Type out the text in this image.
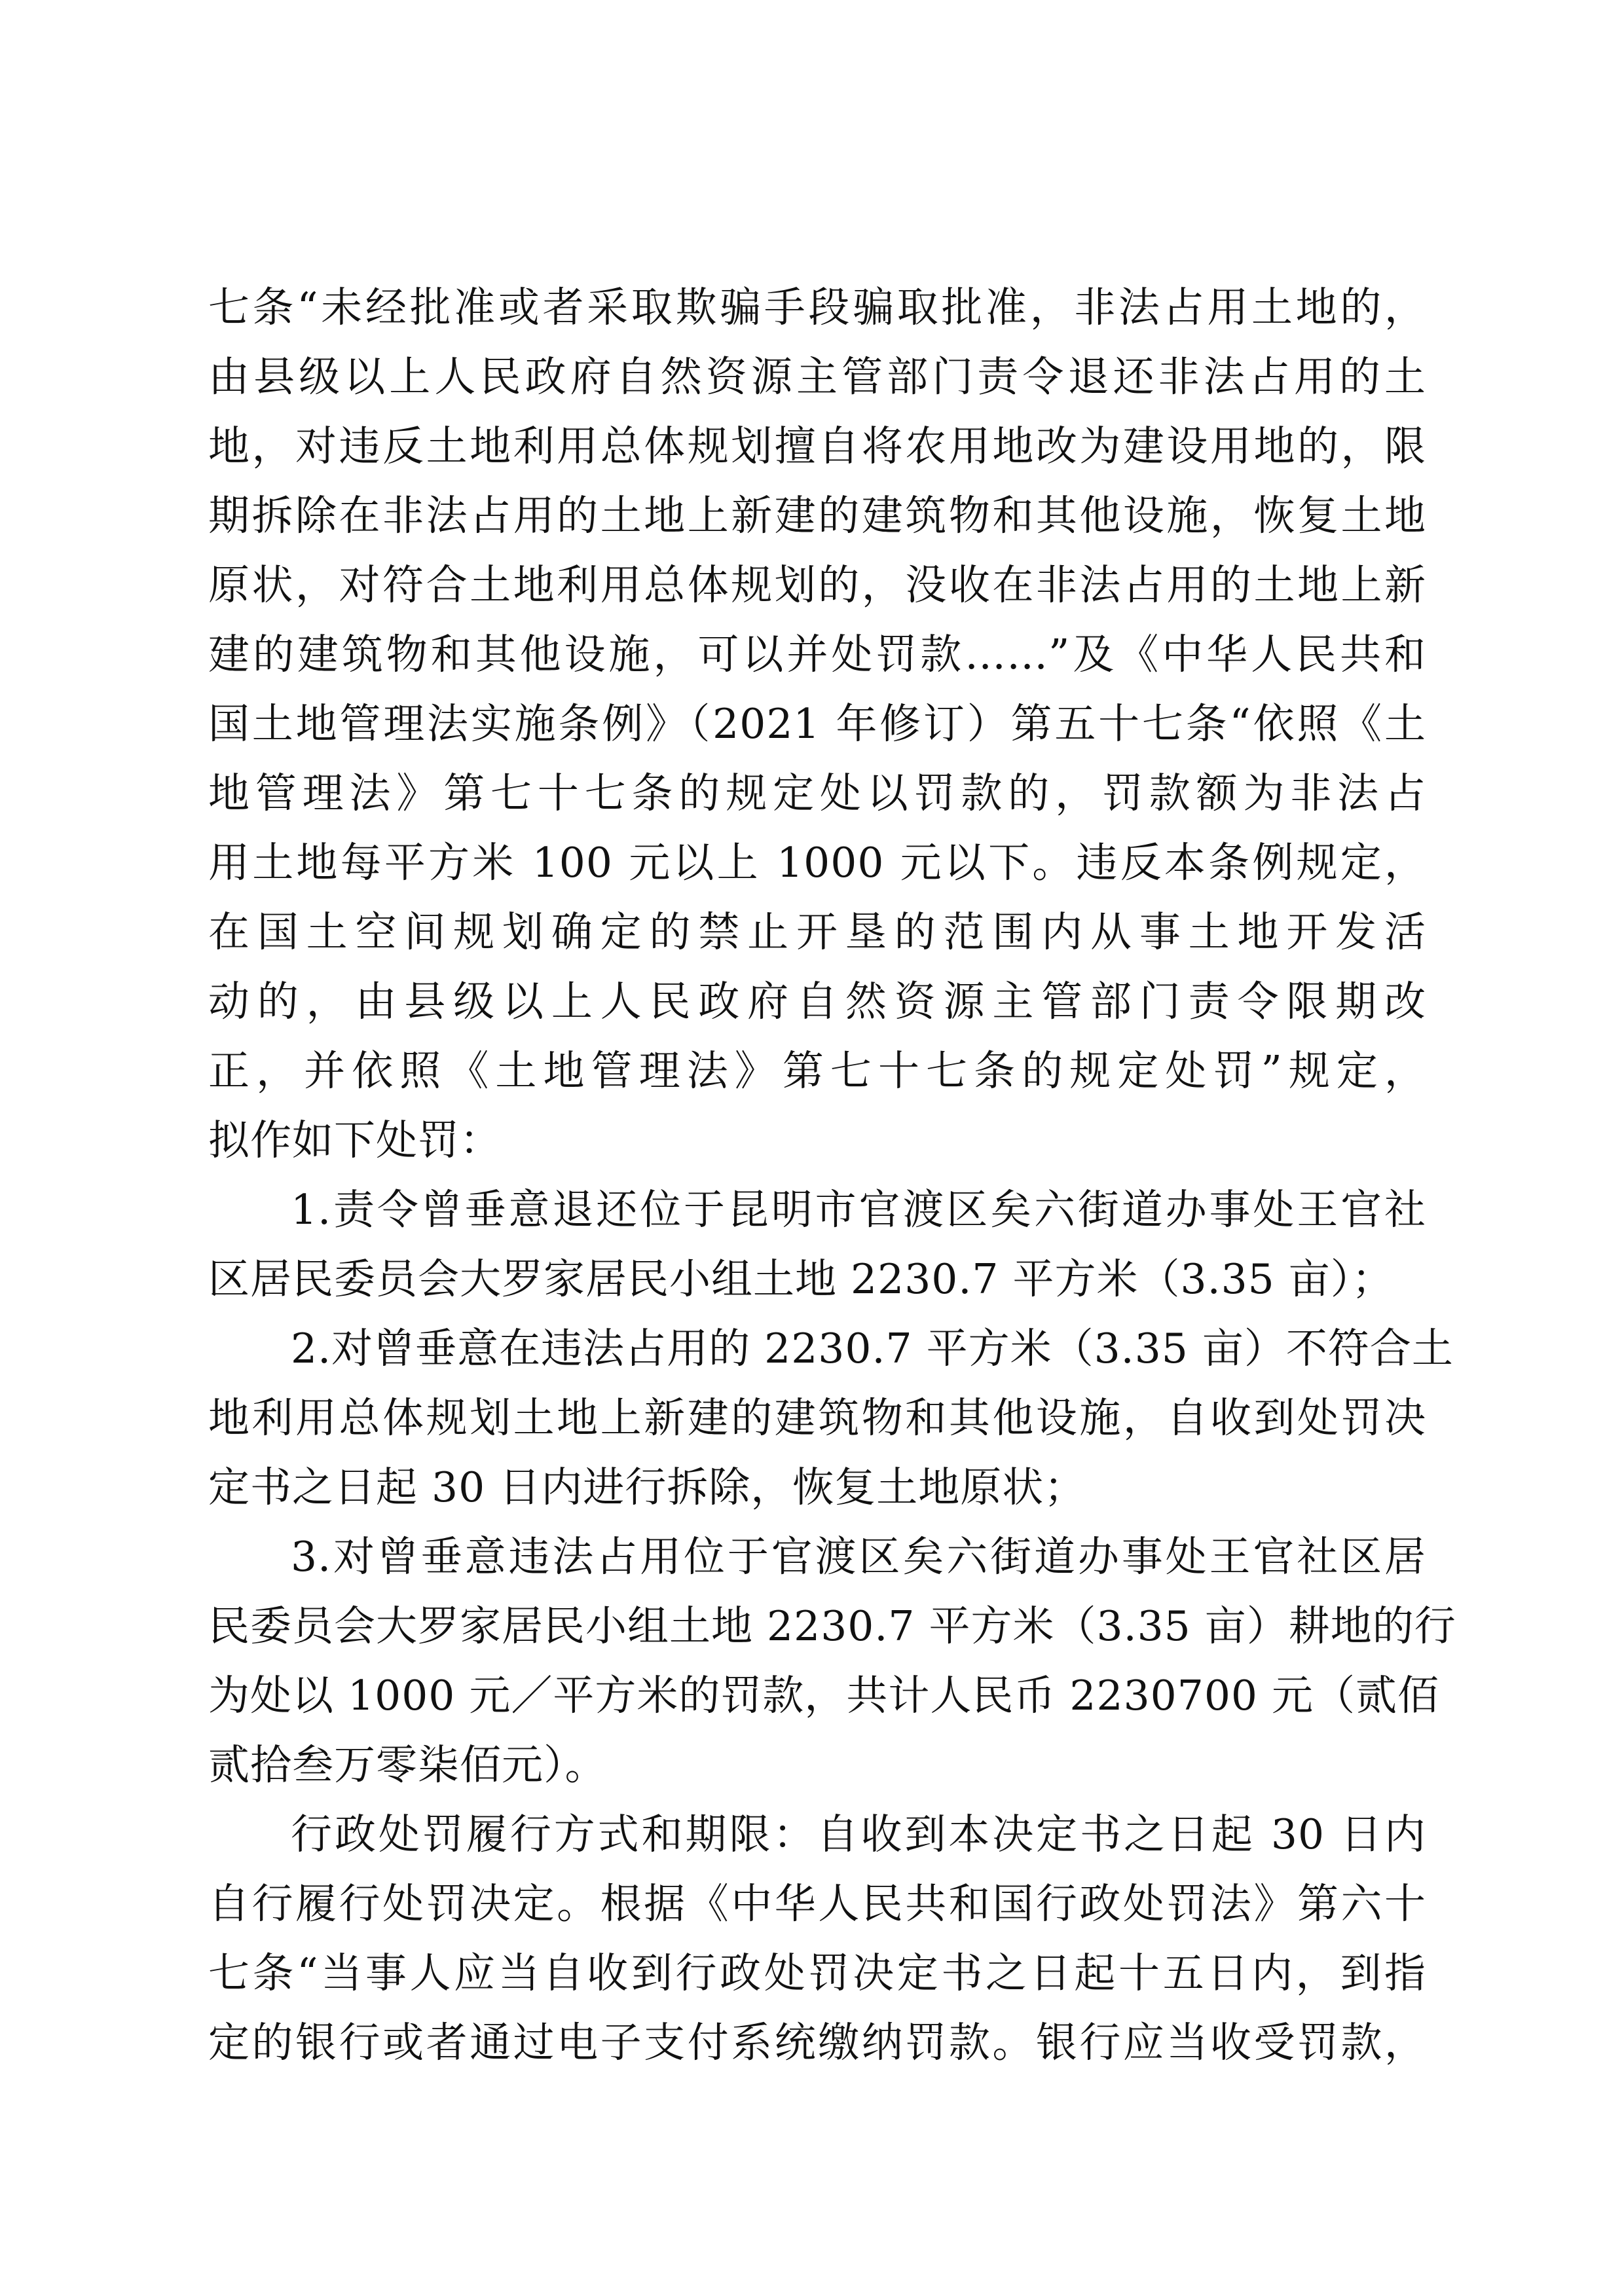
七条“未经批准或者采取欺骗手段骗取批准，非法占用土地的，
由县级以上人民政府自然资源主管部门责令退还非法占用的土
地，对违反土地利用总体规划擅自将农用地改为建设用地的，限
期拆除在非法占用的土地上新建的建筑物和其他设施，恢复土地
原状，对符合土地利用总体规划的，没收在非法占用的土地上新
建的建筑物和其他设施，可以并处罚款……”及《中华人民共和
国土地管理法实施条例》（2021 年修订）第五十七条“依照《土
地管理法》第七十七条的规定处以罚款的，罚款额为非法占
用土地每平方米 100 元以上 1000 元以下。违反本条例规定，
在国土空间规划确定的禁止开垦的范围内从事土地开发活
动的，由县级以上人民政府自然资源主管部门责令限期改
正，并依照《土地管理法》第七十七条的规定处罚”规定，
拟作如下处罚：
1.责令曾垂意退还位于昆明市官渡区矣六街道办事处王官社
区居民委员会大罗家居民小组土地 2230.7 平方米（3.35 亩）；
2.对曾垂意在违法占用的 2230.7 平方米（3.35 亩）不符合土
地利用总体规划土地上新建的建筑物和其他设施，自收到处罚决
定书之日起 30 日内进行拆除，恢复土地原状；
3.对曾垂意违法占用位于官渡区矣六街道办事处王官社区居
民委员会大罗家居民小组土地 2230.7 平方米（3.35 亩）耕地的行
为处以 1000 元／平方米的罚款，共计人民币 2230700 元（贰佰
贰拾叁万零柒佰元）。
行政处罚履行方式和期限：自收到本决定书之日起 30 日内
自行履行处罚决定。根据《中华人民共和国行政处罚法》第六十
七条“当事人应当自收到行政处罚决定书之日起十五日内，到指
定的银行或者通过电子支付系统缴纳罚款。银行应当收受罚款，
